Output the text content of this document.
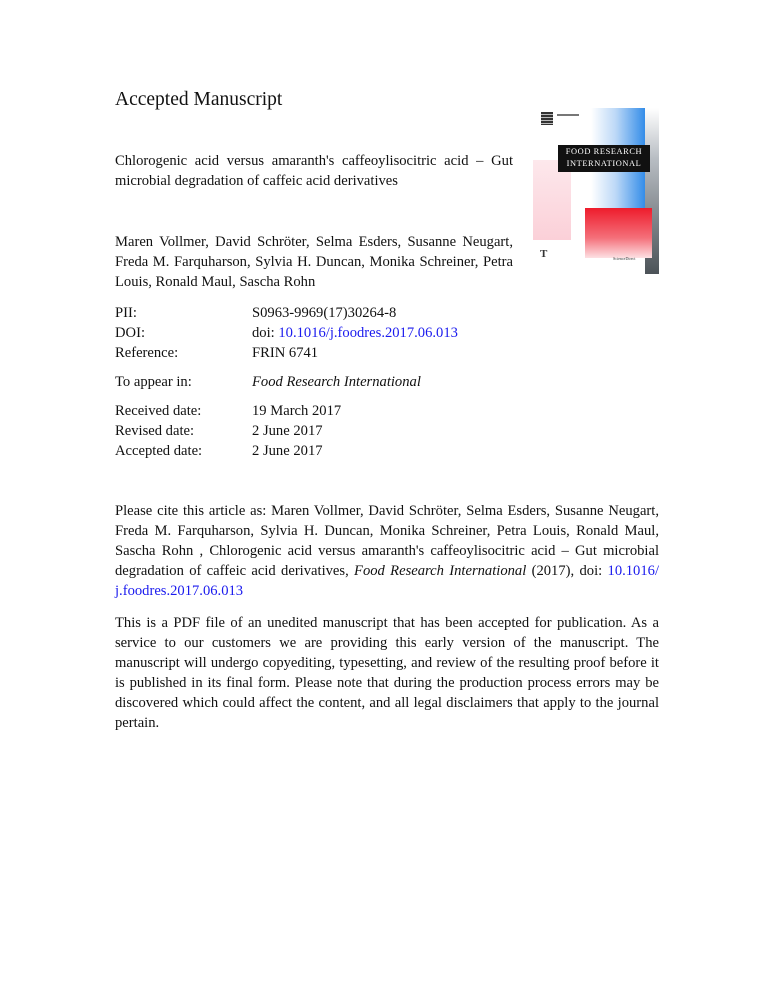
Accepted Manuscript
Chlorogenic acid versus amaranth's caffeoylisocitric acid – Gut microbial degradation of caffeic acid derivatives
Maren Vollmer, David Schröter, Selma Esders, Susanne Neugart, Freda M. Farquharson, Sylvia H. Duncan, Monika Schreiner, Petra Louis, Ronald Maul, Sascha Rohn
FOOD RESEARCH
INTERNATIONAL
T	ScienceDirect
PII:	S0963-9969(17)30264-8
DOI:	doi: 10.1016/j.foodres.2017.06.013
Reference:	FRIN 6741
To appear in:	Food Research International
Received date:	19 March 2017
Revised date:	2 June 2017
Accepted date:	2 June 2017
Please cite this article as: Maren Vollmer, David Schröter, Selma Esders, Susanne Neugart, Freda M. Farquharson, Sylvia H. Duncan, Monika Schreiner, Petra Louis, Ronald Maul, Sascha Rohn , Chlorogenic acid versus amaranth's caffeoylisocitric acid – Gut microbial degradation of caffeic acid derivatives, Food Research International (2017), doi: 10.1016/ j.foodres.2017.06.013
This is a PDF file of an unedited manuscript that has been accepted for publication. As a service to our customers we are providing this early version of the manuscript. The manuscript will undergo copyediting, typesetting, and review of the resulting proof before it is published in its final form. Please note that during the production process errors may be discovered which could affect the content, and all legal disclaimers that apply to the journal pertain.
